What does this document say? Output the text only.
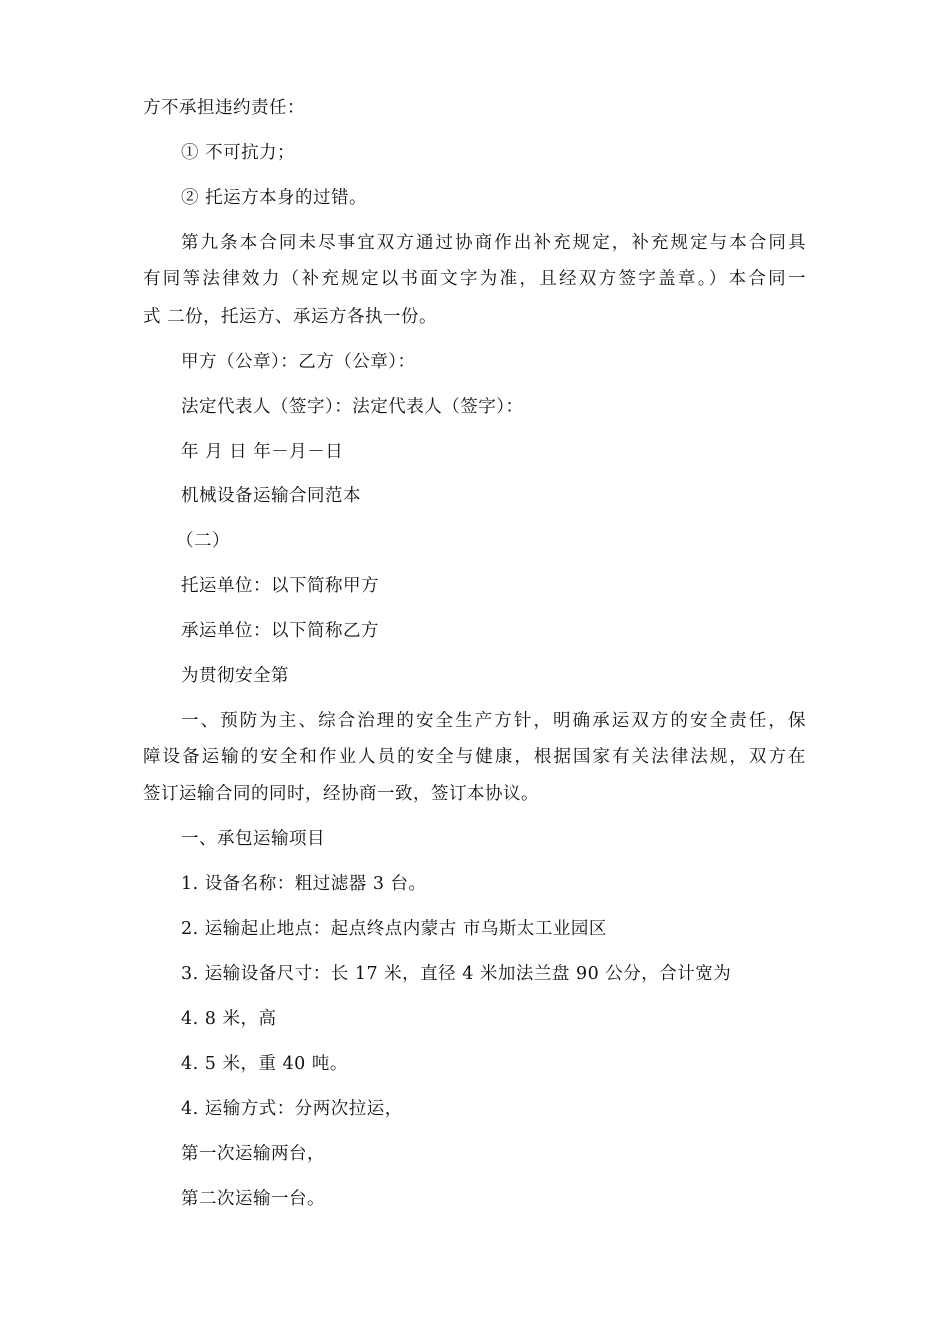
方不承担违约责任：
① 不可抗力；
② 托运方本身的过错。
第九条本合同未尽事宜双方通过协商作出补充规定，补充规定与本合同具
有同等法律效力（补充规定以书面文字为准，且经双方签字盖章。）本合同一
式 二份，托运方、承运方各执一份。
甲方（公章）：乙方（公章）：
法定代表人（签字）：法定代表人（签字）：
年 月 日 年－月－日
机械设备运输合同范本
（二）
托运单位：以下简称甲方
承运单位：以下简称乙方
为贯彻安全第
一、预防为主、综合治理的安全生产方针，明确承运双方的安全责任，保
障设备运输的安全和作业人员的安全与健康，根据国家有关法律法规，双方在
签订运输合同的同时，经协商一致，签订本协议。
一、承包运输项目
1. 设备名称：粗过滤器 3 台。
2. 运输起止地点：起点终点内蒙古 市乌斯太工业园区
3. 运输设备尺寸：长 17 米，直径 4 米加法兰盘 90 公分，合计宽为
4. 8 米，高
4. 5 米，重 40 吨。
4. 运输方式：分两次拉运，
第一次运输两台，
第二次运输一台。
